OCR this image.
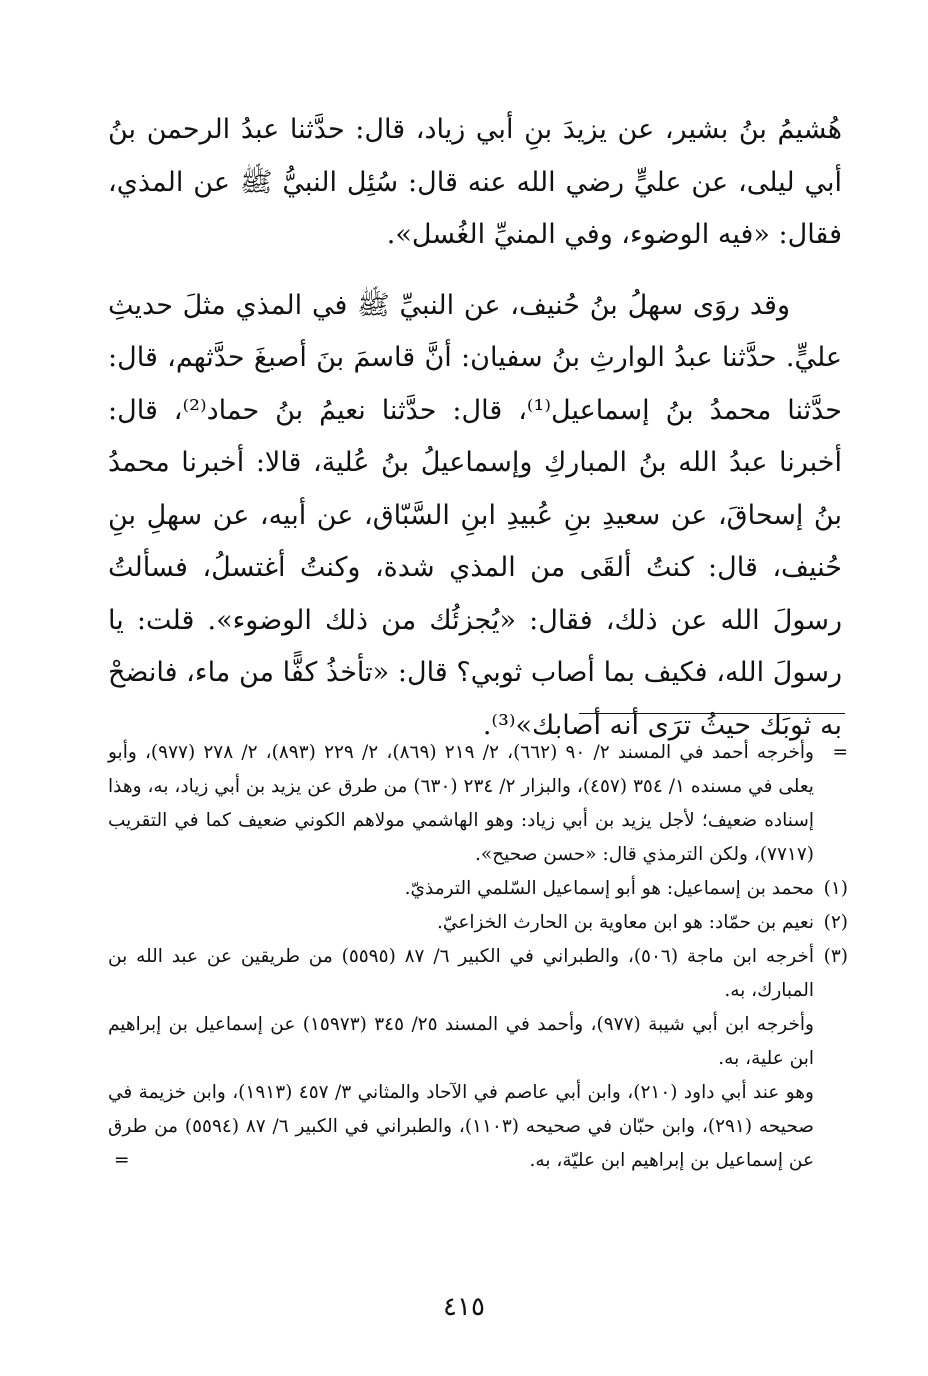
هُشيمُ بنُ بشير، عن يزيدَ بنِ أبي زياد، قال: حدَّثنا عبدُ الرحمن بنُ أبي ليلى، عن عليٍّ رضي الله عنه قال: سُئِل النبيُّ ﷺ عن المذي، فقال: «فيه الوضوء، وفي المنيِّ الغُسل».

وقد روَى سهلُ بنُ حُنيف، عن النبيِّ ﷺ في المذي مثلَ حديثِ عليٍّ. حدَّثنا عبدُ الوارثِ بنُ سفيان: أنَّ قاسمَ بنَ أصبغَ حدَّثهم، قال: حدَّثنا محمدُ بنُ إسماعيل⁽¹⁾، قال: حدَّثنا نعيمُ بنُ حماد⁽²⁾، قال: أخبرنا عبدُ الله بنُ المباركِ وإسماعيلُ بنُ عُلية، قالا: أخبرنا محمدُ بنُ إسحاقَ، عن سعيدِ بنِ عُبيدِ ابنِ السَّبّاق، عن أبيه، عن سهلِ بنِ حُنيف، قال: كنتُ ألقَى من المذي شدة، وكنتُ أغتسلُ، فسألتُ رسولَ الله عن ذلك، فقال: «يُجزئُك من ذلك الوضوء». قلت: يا رسولَ الله، فكيف بما أصاب ثوبي؟ قال: «تأخذُ كفًّا من ماء، فانضحْ به ثوبَك حيثُ ترَى أنه أصابك»⁽³⁾.

=وأخرجه أحمد في المسند ٢/ ٩٠ (٦٦٢)، ٢/ ٢١٩ (٨٦٩)، ٢/ ٢٢٩ (٨٩٣)، ٢/ ٢٧٨ (٩٧٧)، وأبو يعلى في مسنده ١/ ٣٥٤ (٤٥٧)، والبزار ٢/ ٢٣٤ (٦٣٠) من طرق عن يزيد بن أبي زياد، به، وهذا إسناده ضعيف؛ لأجل يزيد بن أبي زياد: وهو الهاشمي مولاهم الكوني ضعيف كما في التقريب (٧٧١٧)، ولكن الترمذي قال: «حسن صحيح».

(١)محمد بن إسماعيل: هو أبو إسماعيل السّلمي الترمذيّ.

(٢)نعيم بن حمّاد: هو ابن معاوية بن الحارث الخزاعيّ.

(٣)أخرجه ابن ماجة (٥٠٦)، والطبراني في الكبير ٦/ ٨٧ (٥٥٩٥) من طريقين عن عبد الله بن المبارك، به.

وأخرجه ابن أبي شيبة (٩٧٧)، وأحمد في المسند ٢٥/ ٣٤٥ (١٥٩٧٣) عن إسماعيل بن إبراهيم ابن علية، به.

وهو عند أبي داود (٢١٠)، وابن أبي عاصم في الآحاد والمثاني ٣/ ٤٥٧ (١٩١٣)، وابن خزيمة في صحيحه (٢٩١)، وابن حبّان في صحيحه (١١٠٣)، والطبراني في الكبير ٦/ ٨٧ (٥٥٩٤) من طرق عن إسماعيل بن إبراهيم ابن عليّة، به.
=

٤١٥
